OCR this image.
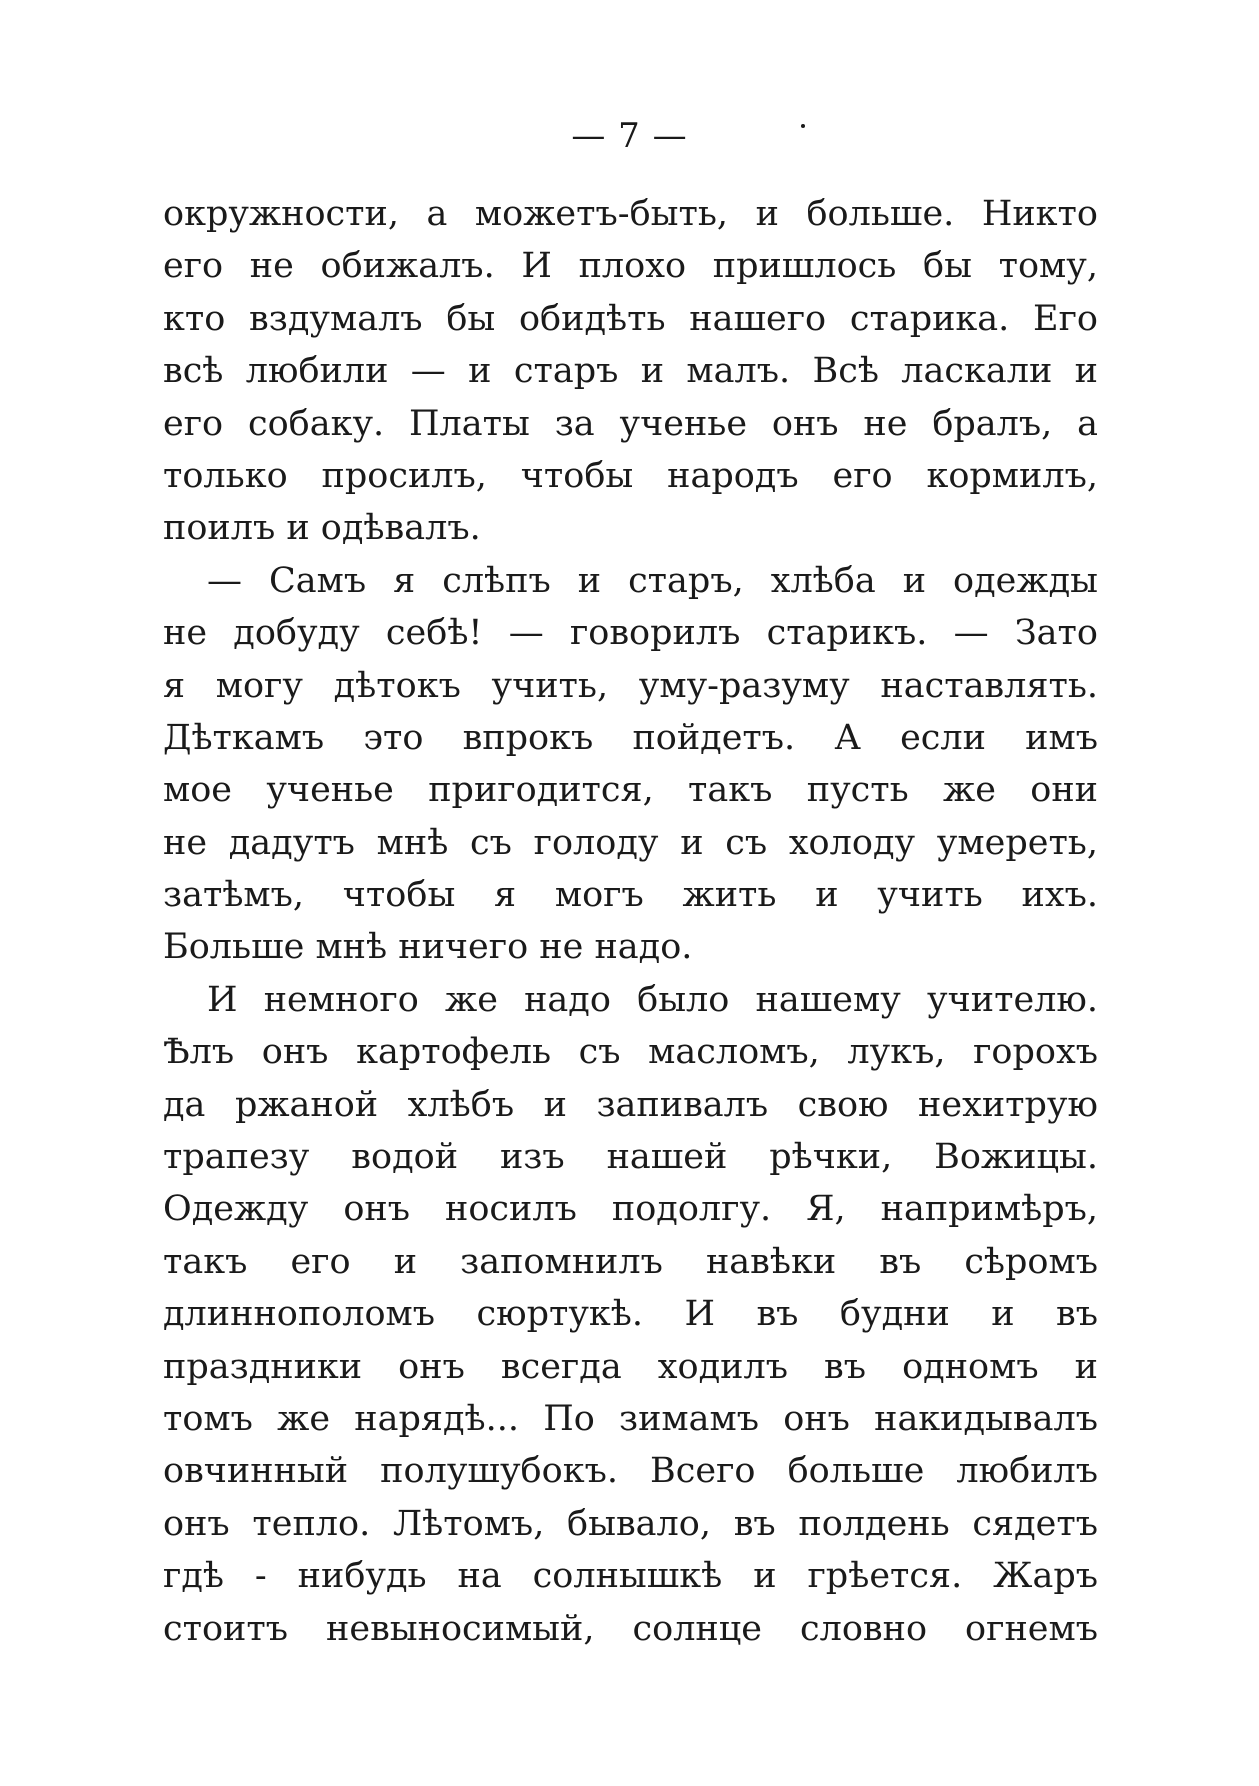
— 7 —
окружности, а можетъ-быть, и больше. Никто
его не обижалъ. И плохо пришлось бы тому,
кто вздумалъ бы обидѣть нашего старика. Его
всѣ любили — и старъ и малъ. Всѣ ласкали и
его собаку. Платы за ученье онъ не бралъ, а
только просилъ, чтобы народъ его кормилъ,
поилъ и одѣвалъ.
— Самъ я слѣпъ и старъ, хлѣба и одежды
не добуду себѣ! — говорилъ старикъ. — Зато
я могу дѣтокъ учить, уму-разуму наставлять.
Дѣткамъ это впрокъ пойдетъ. А если имъ
мое ученье пригодится, такъ пусть же они
не дадутъ мнѣ съ голоду и съ холоду умереть,
затѣмъ, чтобы я могъ жить и учить ихъ.
Больше мнѣ ничего не надо.
И немного же надо было нашему учителю.
Ѣлъ онъ картофель съ масломъ, лукъ, горохъ
да ржаной хлѣбъ и запивалъ свою нехитрую
трапезу водой изъ нашей рѣчки, Вожицы.
Одежду онъ носилъ подолгу. Я, напримѣръ,
такъ его и запомнилъ навѣки въ сѣромъ
длиннополомъ сюртукѣ. И въ будни и въ
праздники онъ всегда ходилъ въ одномъ и
томъ же нарядѣ... По зимамъ онъ накидывалъ
овчинный полушубокъ. Всего больше любилъ
онъ тепло. Лѣтомъ, бывало, въ полдень сядетъ
гдѣ - нибудь на солнышкѣ и грѣется. Жаръ
стоитъ невыносимый, солнце словно огнемъ
